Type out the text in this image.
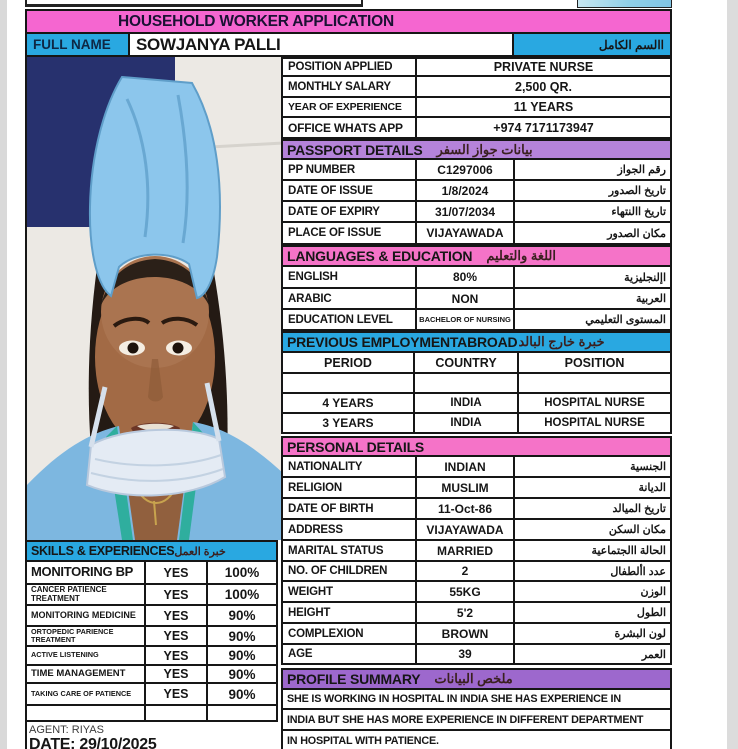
HOUSEHOLD WORKER APPLICATION
FULL NAME	SOWJANYA PALLI	لماكلا مسلاا
POSITION APPLIED	PRIVATE NURSE
MONTHLY SALARY	2,500 QR.
YEAR OF EXPERIENCE	11 YEARS
OFFICE WHATS APP	+974 7171173947
PASSPORT DETAILS رفسلا زاوج تانايب
PP NUMBER	C1297006	زاوجلا مقر
DATE OF ISSUE	1/8/2024	رودصلا خيرات
DATE OF EXPIRY	31/07/2034	ءاهتنلاا خيرات
PLACE OF ISSUE	VIJAYAWADA	رودصلا ناكم
LANGUAGES & EDUCATION ميلعتلاو ةغللا
ENGLISH	80%	ةيزيلجنلإا
ARABIC	NON	ةيبرعلا
EDUCATION LEVEL	BACHELOR OF NURSING	يميلعتلا ىوتسملا
PREVIOUS EMPLOYMENTABROAD دلابلا جراخ ةربخ
PERIOD	COUNTRY	POSITION
4 YEARS	INDIA	HOSPITAL NURSE
3 YEARS	INDIA	HOSPITAL NURSE
PERSONAL DETAILS
NATIONALITY	INDIAN	ةيسنجلا
RELIGION	MUSLIM	ةنايدلا
DATE OF BIRTH	11-Oct-86	دلايملا خيرات
ADDRESS	VIJAYAWADA	نكسلا ناكم
MARITAL STATUS	MARRIED	ةيعامتجلاا ةلاحلا
NO. OF CHILDREN	2	لافطلأا ددع
WEIGHT	55KG	نزولا
HEIGHT	5'2	لوطلا
COMPLEXION	BROWN	ةرشبلا نول
AGE	39	رمعلا
SKILLS & EXPERIENCES لمعلا ةربخ
MONITORING BP	YES	100%
CANCER PATIENCE TREATMENT	YES	100%
MONITORING MEDICINE	YES	90%
ORTOPEDIC PARIENCE TREATMENT	YES	90%
ACTIVE LISTENING	YES	90%
TIME MANAGEMENT	YES	90%
TAKING CARE OF PATIENCE	YES	90%
PROFILE SUMMARY تانايبلا صخلم
SHE IS WORKING IN HOSPITAL IN INDIA SHE HAS EXPERIENCE IN
INDIA BUT SHE HAS MORE EXPERIENCE IN DIFFERENT DEPARTMENT
IN HOSPITAL WITH PATIENCE.
AGENT: RIYAS
DATE: 29/10/2025
